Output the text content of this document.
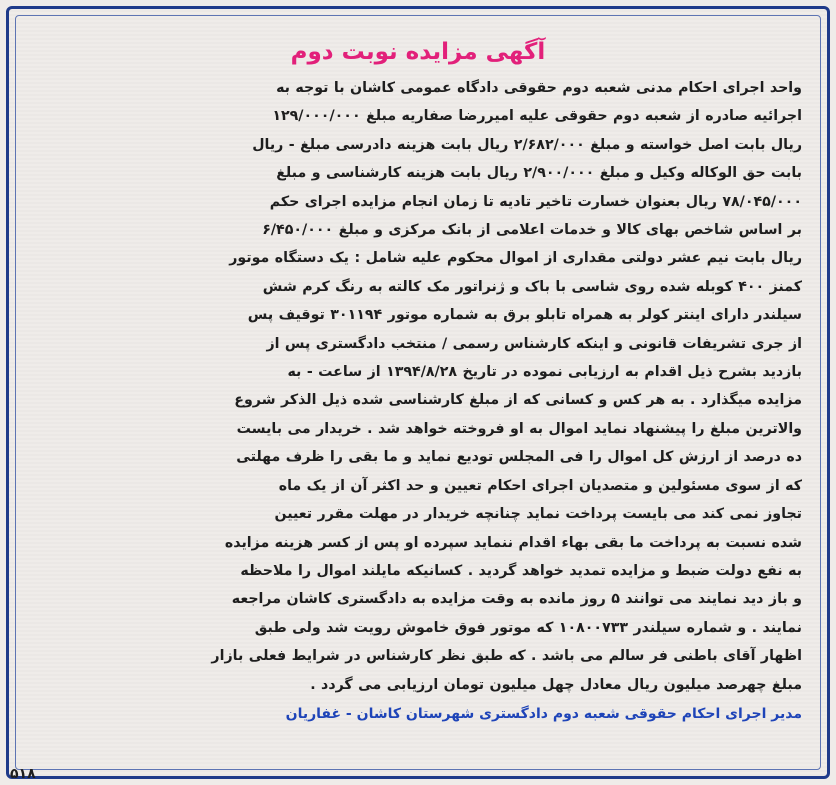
آگهی مزایده نوبت دوم

واحد اجرای احکام مدنی شعبه دوم حقوقی دادگاه عمومی کاشان با توجه به
اجرائیه صادره از شعبه دوم حقوقی علیه امیررضا صفاریه مبلغ ۱۲۹/۰۰۰/۰۰۰
ریال بابت اصل خواسته و مبلغ ۲/۶۸۲/۰۰۰ ریال بابت هزینه دادرسی مبلغ - ریال
بابت حق الوکاله وکیل و مبلغ ۲/۹۰۰/۰۰۰ ریال بابت هزینه کارشناسی و مبلغ
۷۸/۰۴۵/۰۰۰ ریال بعنوان خسارت تاخیر تادیه تا زمان انجام مزایده اجرای حکم
بر اساس شاخص بهای کالا و خدمات اعلامی از بانک مرکزی و مبلغ ۶/۴۵۰/۰۰۰
ریال بابت نیم عشر دولتی مقداری از اموال محکوم علیه شامل : یک دستگاه موتور
کمنز ۴۰۰ کوبله شده روی شاسی با باک و ژنراتور مک کالته به رنگ کرم شش
سیلندر دارای اینتر کولر به همراه تابلو برق به شماره موتور ۳۰۱۱۹۴ توقیف پس
از جری تشریفات قانونی و اینکه کارشناس رسمی / منتخب دادگستری پس از
بازدید بشرح ذیل اقدام به ارزیابی نموده در تاریخ ۱۳۹۴/۸/۲۸ از ساعت - به
مزایده میگذارد . به هر کس و کسانی که از مبلغ کارشناسی شده ذیل الذکر شروع
والاترین مبلغ را پیشنهاد نماید اموال به او فروخته خواهد شد . خریدار می بایست
ده درصد از ارزش کل اموال را فی المجلس تودیع نماید و ما بقی را ظرف مهلتی
که از سوی مسئولین و متصدیان اجرای احکام تعیین و حد اکثر آن از یک ماه
تجاوز نمی کند می بایست پرداخت نماید چنانچه خریدار در مهلت مقرر تعیین
شده نسبت به پرداخت ما بقی بهاء اقدام ننماید سپرده او پس از کسر هزینه مزایده
به نفع دولت ضبط و مزایده تمدید خواهد گردید . کسانیکه مایلند اموال را ملاحظه
و باز دید نمایند می توانند ۵ روز مانده به وقت مزایده به دادگستری کاشان مراجعه
نمایند . و شماره سیلندر ۱۰۸۰۰۷۳۳ که موتور فوق خاموش رویت شد ولی طبق
اظهار آقای باطنی فر سالم می باشد . که طبق نظر کارشناس در شرایط فعلی بازار
مبلغ چهرصد میلیون ریال معادل چهل میلیون تومان ارزیابی می گردد .

مدیر اجرای احکام حقوقی شعبه دوم دادگستری شهرستان کاشان - غفاریان
۵۱۸
